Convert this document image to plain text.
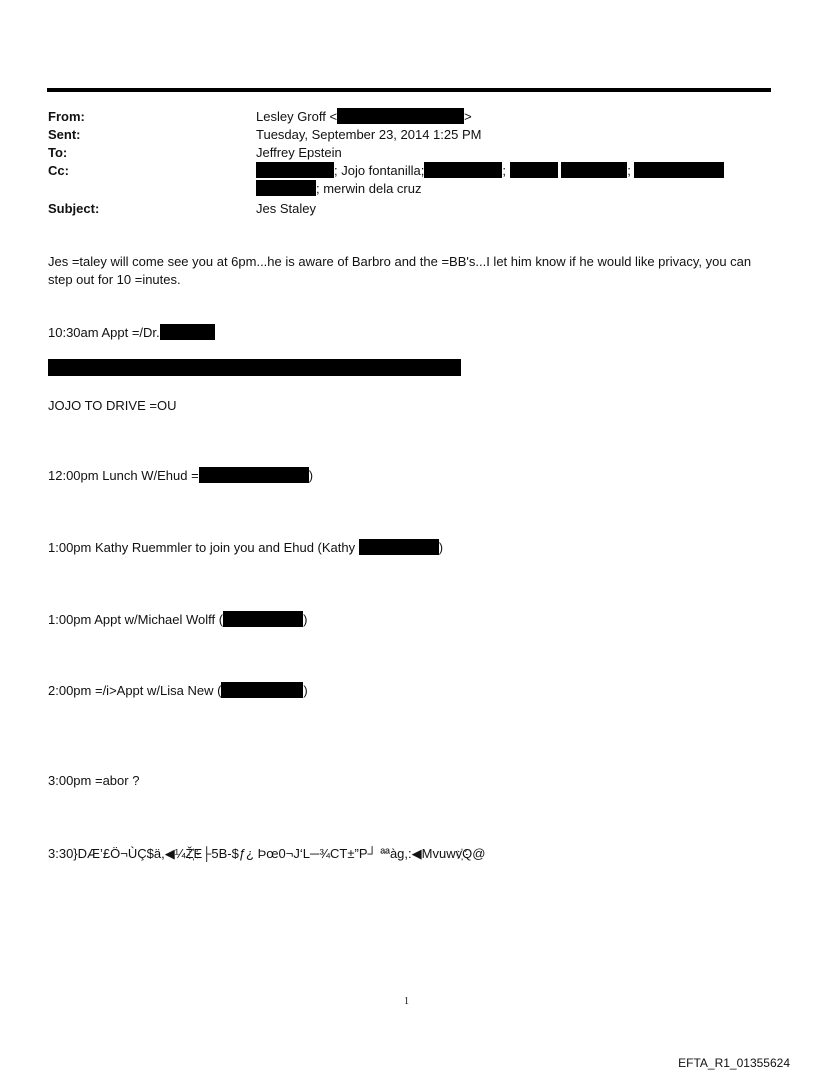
From:	Lesley Groff <	>
Sent:	Tuesday, September 23, 2014 1:25 PM
To:	Jeffrey Epstein
Cc:	; Jojo fontanilla;	;	;
; merwin dela cruz
Subject:	Jes Staley
Jes =taley will come see you at 6pm...he is aware of Barbro and the =BB's...I let him know if he would like privacy, you can step out for 10 =inutes.
10:30am Appt =/Dr.
JOJO TO DRIVE =OU
12:00pm Lunch W/Ehud =	)
1:00pm Kathy Ruemmler to join you and Ehud (Kathy	)
1:00pm Appt w/Michael Wolff (	)
2:00pm =/i>Appt w/Lisa New (	)
3:00pm =abor ?
3:30}DÆ’£Ö¬ÙÇ$ä,◀¼Ž҉E├5B-$ƒ¿ Þœ0¬J‘L─¾CT±”P┘ ªªàg,:◀Mvuwv҉Q@
1
EFTA_R1_01355624
